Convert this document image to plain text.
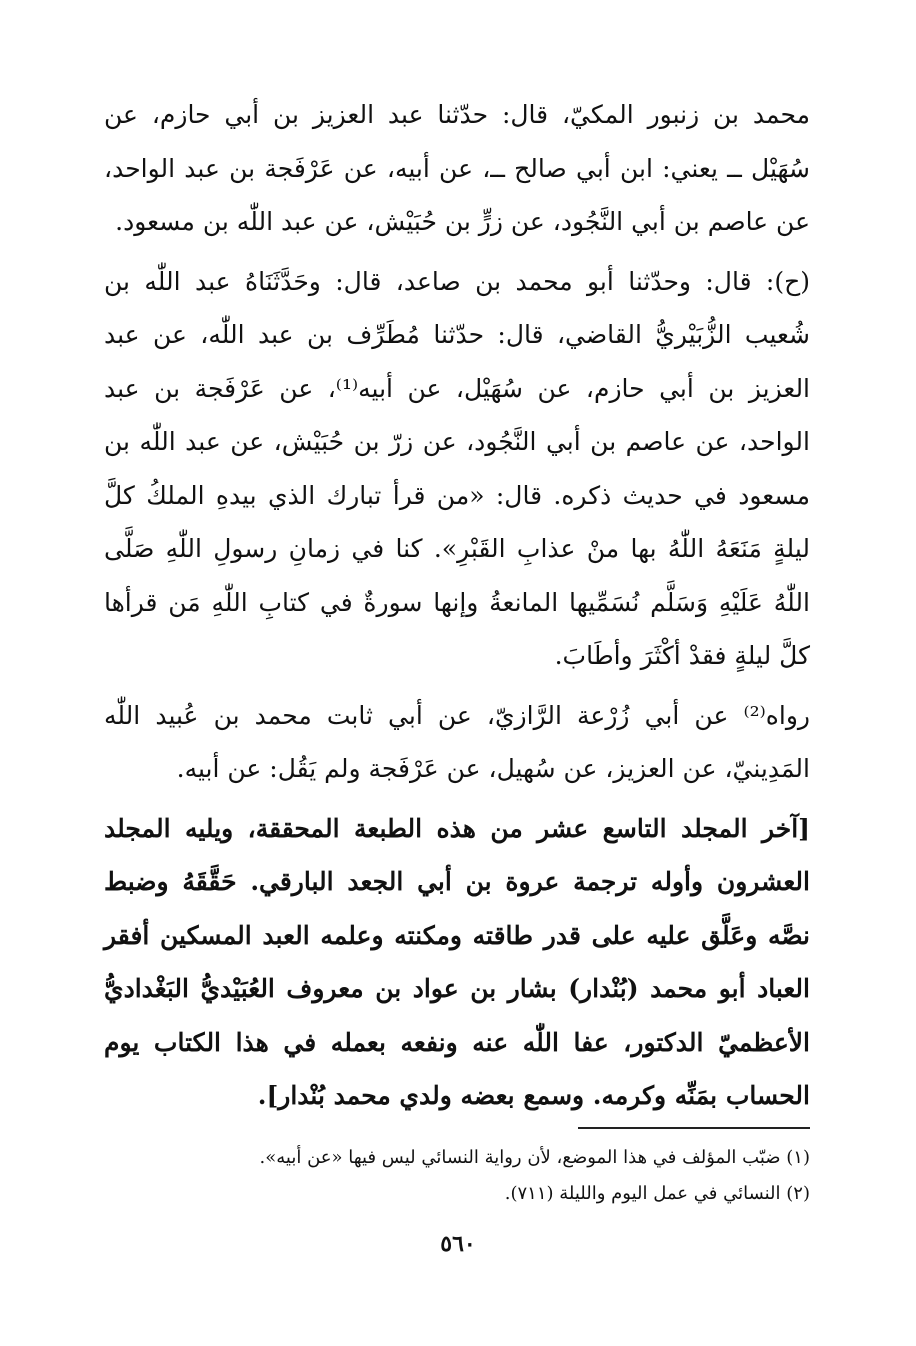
محمد بن زنبور المكيّ، قال: حدّثنا عبد العزيز بن أبي حازم، عن سُهَيْل ــ يعني: ابن أبي صالح ــ، عن أبيه، عن عَرْفَجة بن عبد الواحد، عن عاصم بن أبي النَّجُود، عن زرٍّ بن حُبَيْش، عن عبد اللّٰه بن مسعود.

(ح): قال: وحدّثنا أبو محمد بن صاعد، قال: وحَدَّثَنَاهُ عبد اللّٰه بن شُعيب الزُّبَيْريُّ القاضي، قال: حدّثنا مُطَرِّف بن عبد اللّٰه، عن عبد العزيز بن أبي حازم، عن سُهَيْل، عن أبيه⁽¹⁾، عن عَرْفَجة بن عبد الواحد، عن عاصم بن أبي النَّجُود، عن زرّ بن حُبَيْش، عن عبد اللّٰه بن مسعود في حديث ذكره. قال: «من قرأ تبارك الذي بيدهِ الملكُ كلَّ ليلةٍ مَنَعَهُ اللّٰهُ بها منْ عذابِ القَبْرِ». كنا في زمانِ رسولِ اللّٰهِ صَلَّى اللّٰهُ عَلَيْهِ وَسَلَّم نُسَمِّيها المانعةُ وإنها سورةٌ في كتابِ اللّٰهِ مَن قرأها كلَّ ليلةٍ فقدْ أكْثَرَ وأطَابَ.

رواه⁽²⁾ عن أبي زُرْعة الرَّازيّ، عن أبي ثابت محمد بن عُبيد اللّٰه المَدِينيّ، عن العزيز، عن سُهيل، عن عَرْفَجة ولم يَقُل: عن أبيه.

[آخر المجلد التاسع عشر من هذه الطبعة المحققة، ويليه المجلد العشرون وأوله ترجمة عروة بن أبي الجعد البارقي. حَقَّقَهُ وضبط نصَّه وعَلَّق عليه على قدر طاقته ومكنته وعلمه العبد المسكين أفقر العباد أبو محمد (بُنْدار) بشار بن عواد بن معروف العُبَيْديُّ البَغْداديُّ الأعظميّ الدكتور، عفا اللّٰه عنه ونفعه بعمله في هذا الكتاب يوم الحساب بمَنِّه وكرمه. وسمع بعضه ولدي محمد بُنْدار].

(١) ضبّب المؤلف في هذا الموضع، لأن رواية النسائي ليس فيها «عن أبيه».

(٢) النسائي في عمل اليوم والليلة (٧١١).

٥٦٠
